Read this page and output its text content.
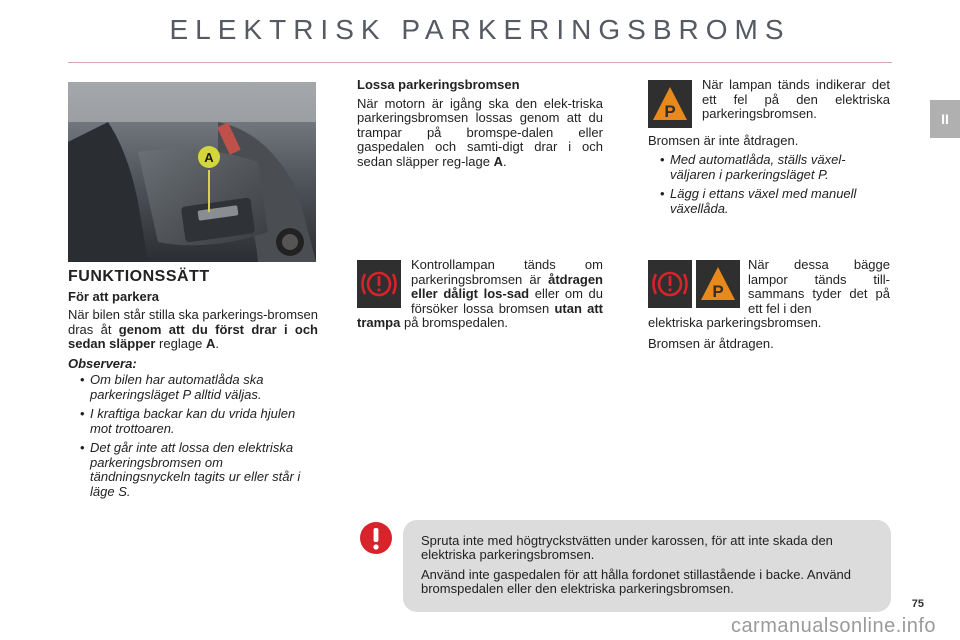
ELEKTRISK PARKERINGSBROMS
II
A
FUNKTIONSSÄTT
För att parkera

När bilen står stilla ska parkerings-bromsen dras åt genom att du först drar i och sedan släpper reglage A.

Observera:
• Om bilen har automatlåda ska parkeringsläget P alltid väljas.
• I kraftiga backar kan du vrida hjulen mot trottoaren.
• Det går inte att lossa den elektriska parkeringsbromsen om tändningsnyckeln tagits ur eller står i läge S.
Lossa parkeringsbromsen

När motorn är igång ska den elek-triska parkeringsbromsen lossas genom att du trampar på bromspe-dalen eller gaspedalen och samti-digt drar i och sedan släpper reg-lage A.

P

När lampan tänds indikerar det ett fel på den elektriska parkeringsbromsen.

Bromsen är inte åtdragen.

• Med automatlåda, ställs växel-väljaren i parkeringsläget P.
• Lägg i ettans växel med manuell växellåda.

Kontrollampan tänds om parkeringsbromsen är åtdragen eller dåligt los-sad eller om du försöker lossa bromsen utan att trampa på bromspedalen.

P

När dessa bägge lampor tänds till-sammans tyder det på ett fel i den

elektriska parkeringsbromsen.

Bromsen är åtdragen.

Spruta inte med högtryckstvätten under karossen, för att inte skada den elektriska parkeringsbromsen.

Använd inte gaspedalen för att hålla fordonet stillastående i backe. Använd bromspedalen eller den elektriska parkeringsbromsen.

75
carmanualsonline.info
